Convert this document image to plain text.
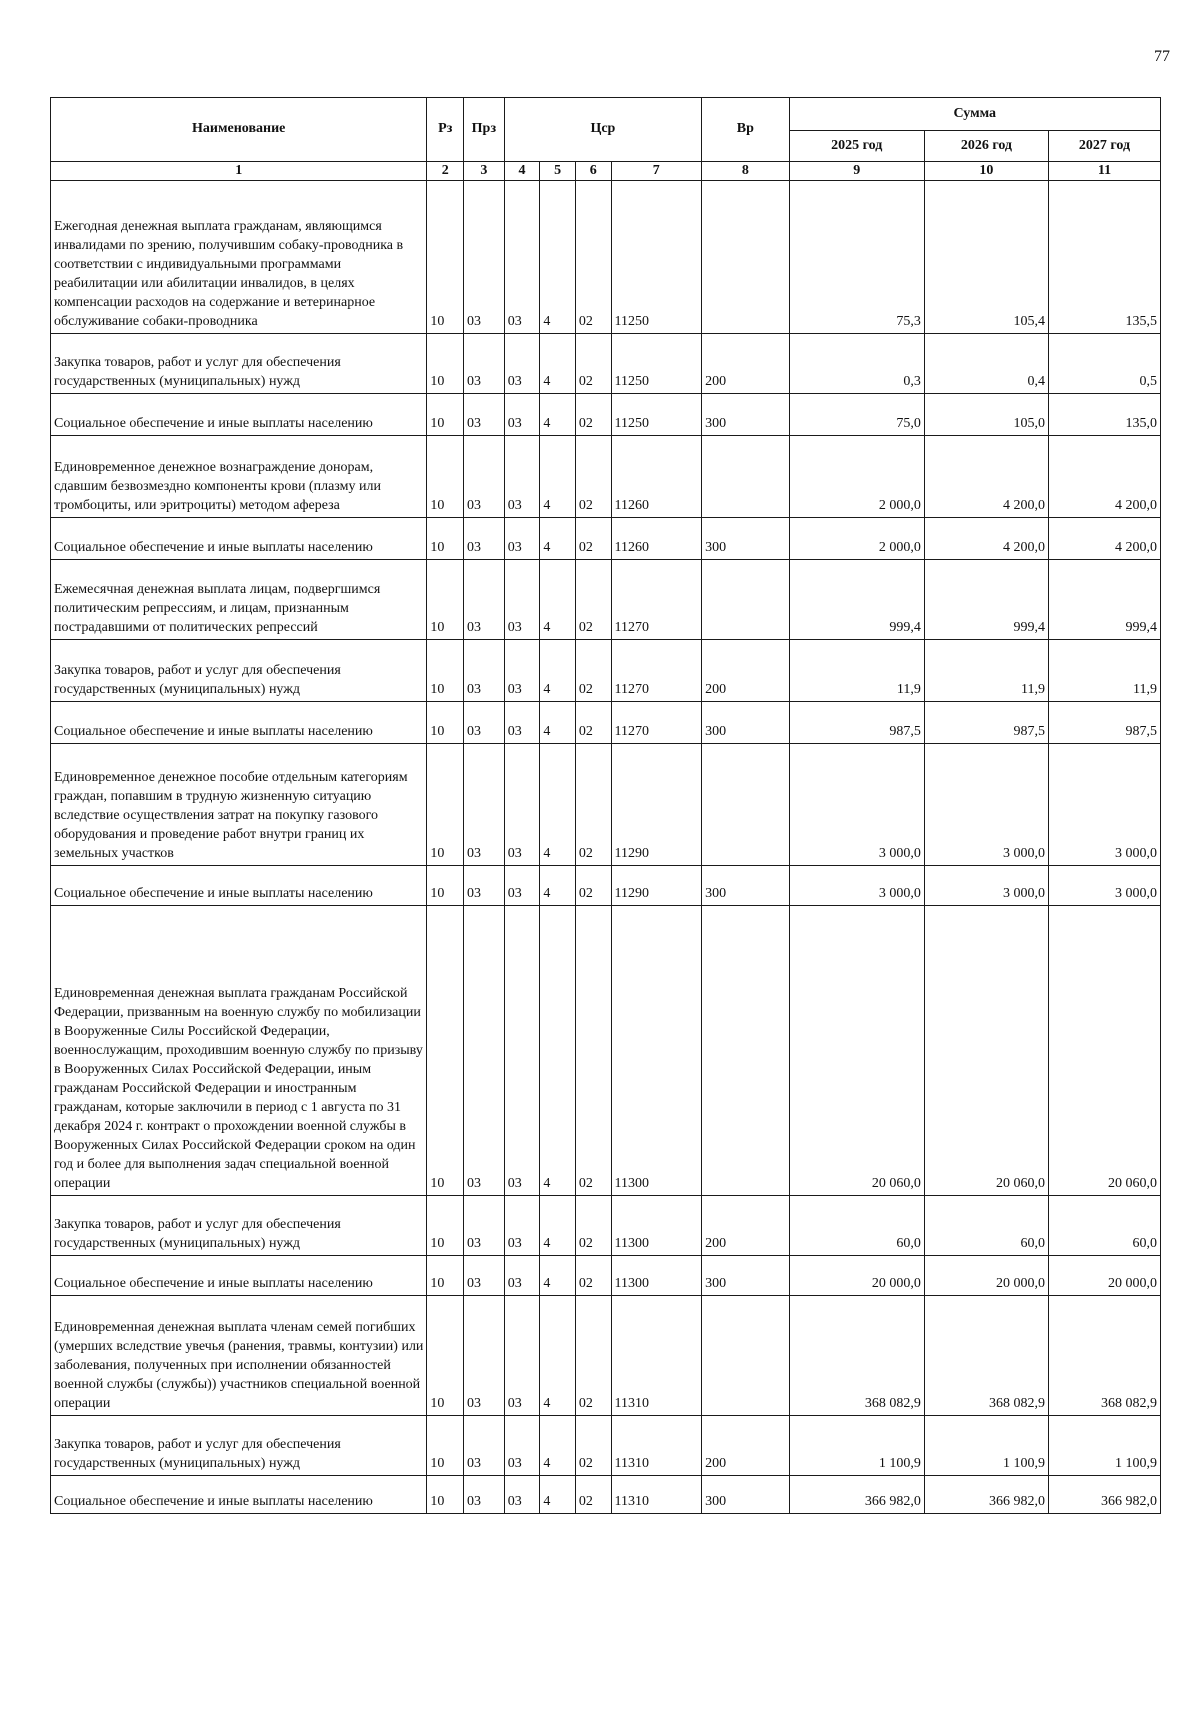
77
Наименование	Рз	Прз	Цср				Вр	Сумма		
								2025 год	2026 год	2027 год
1	2	3	4	5	6	7	8	9	10	11
Ежегодная денежная выплата гражданам, являющимся инвалидами по зрению, получившим собаку-проводника в соответствии с индивидуальными программами реабилитации или абилитации инвалидов, в целях компенсации расходов на содержание и ветеринарное обслуживание собаки-проводника	10	03	03	4	02	11250		75,3	105,4	135,5
Закупка товаров, работ и услуг для обеспечения государственных (муниципальных) нужд	10	03	03	4	02	11250	200	0,3	0,4	0,5
Социальное обеспечение и иные выплаты населению	10	03	03	4	02	11250	300	75,0	105,0	135,0
Единовременное денежное вознаграждение донорам, сдавшим безвозмездно компоненты крови (плазму или тромбоциты, или эритроциты) методом афереза	10	03	03	4	02	11260		2 000,0	4 200,0	4 200,0
Социальное обеспечение и иные выплаты населению	10	03	03	4	02	11260	300	2 000,0	4 200,0	4 200,0
Ежемесячная денежная выплата лицам, подвергшимся политическим репрессиям, и лицам, признанным пострадавшими от политических репрессий	10	03	03	4	02	11270		999,4	999,4	999,4
Закупка товаров, работ и услуг для обеспечения государственных (муниципальных) нужд	10	03	03	4	02	11270	200	11,9	11,9	11,9
Социальное обеспечение и иные выплаты населению	10	03	03	4	02	11270	300	987,5	987,5	987,5
Единовременное денежное пособие отдельным категориям граждан, попавшим в трудную жизненную ситуацию вследствие осуществления затрат на покупку газового оборудования и проведение работ внутри границ их земельных участков	10	03	03	4	02	11290		3 000,0	3 000,0	3 000,0
Социальное обеспечение и иные выплаты населению	10	03	03	4	02	11290	300	3 000,0	3 000,0	3 000,0
Единовременная денежная выплата гражданам Российской Федерации, призванным на военную службу по мобилизации в Вооруженные Силы Российской Федерации, военнослужащим, проходившим военную службу по призыву в Вооруженных Силах Российской Федерации, иным гражданам Российской Федерации и иностранным гражданам, которые заключили в период с 1 августа по 31 декабря 2024 г. контракт о прохождении военной службы в Вооруженных Силах Российской Федерации сроком на один год и более для выполнения задач специальной военной операции	10	03	03	4	02	11300		20 060,0	20 060,0	20 060,0
Закупка товаров, работ и услуг для обеспечения государственных (муниципальных) нужд	10	03	03	4	02	11300	200	60,0	60,0	60,0
Социальное обеспечение и иные выплаты населению	10	03	03	4	02	11300	300	20 000,0	20 000,0	20 000,0
Единовременная денежная выплата членам семей погибших (умерших вследствие увечья (ранения, травмы, контузии) или заболевания, полученных при исполнении обязанностей военной службы (службы)) участников специальной военной операции	10	03	03	4	02	11310		368 082,9	368 082,9	368 082,9
Закупка товаров, работ и услуг для обеспечения государственных (муниципальных) нужд	10	03	03	4	02	11310	200	1 100,9	1 100,9	1 100,9
Социальное обеспечение и иные выплаты населению	10	03	03	4	02	11310	300	366 982,0	366 982,0	366 982,0
